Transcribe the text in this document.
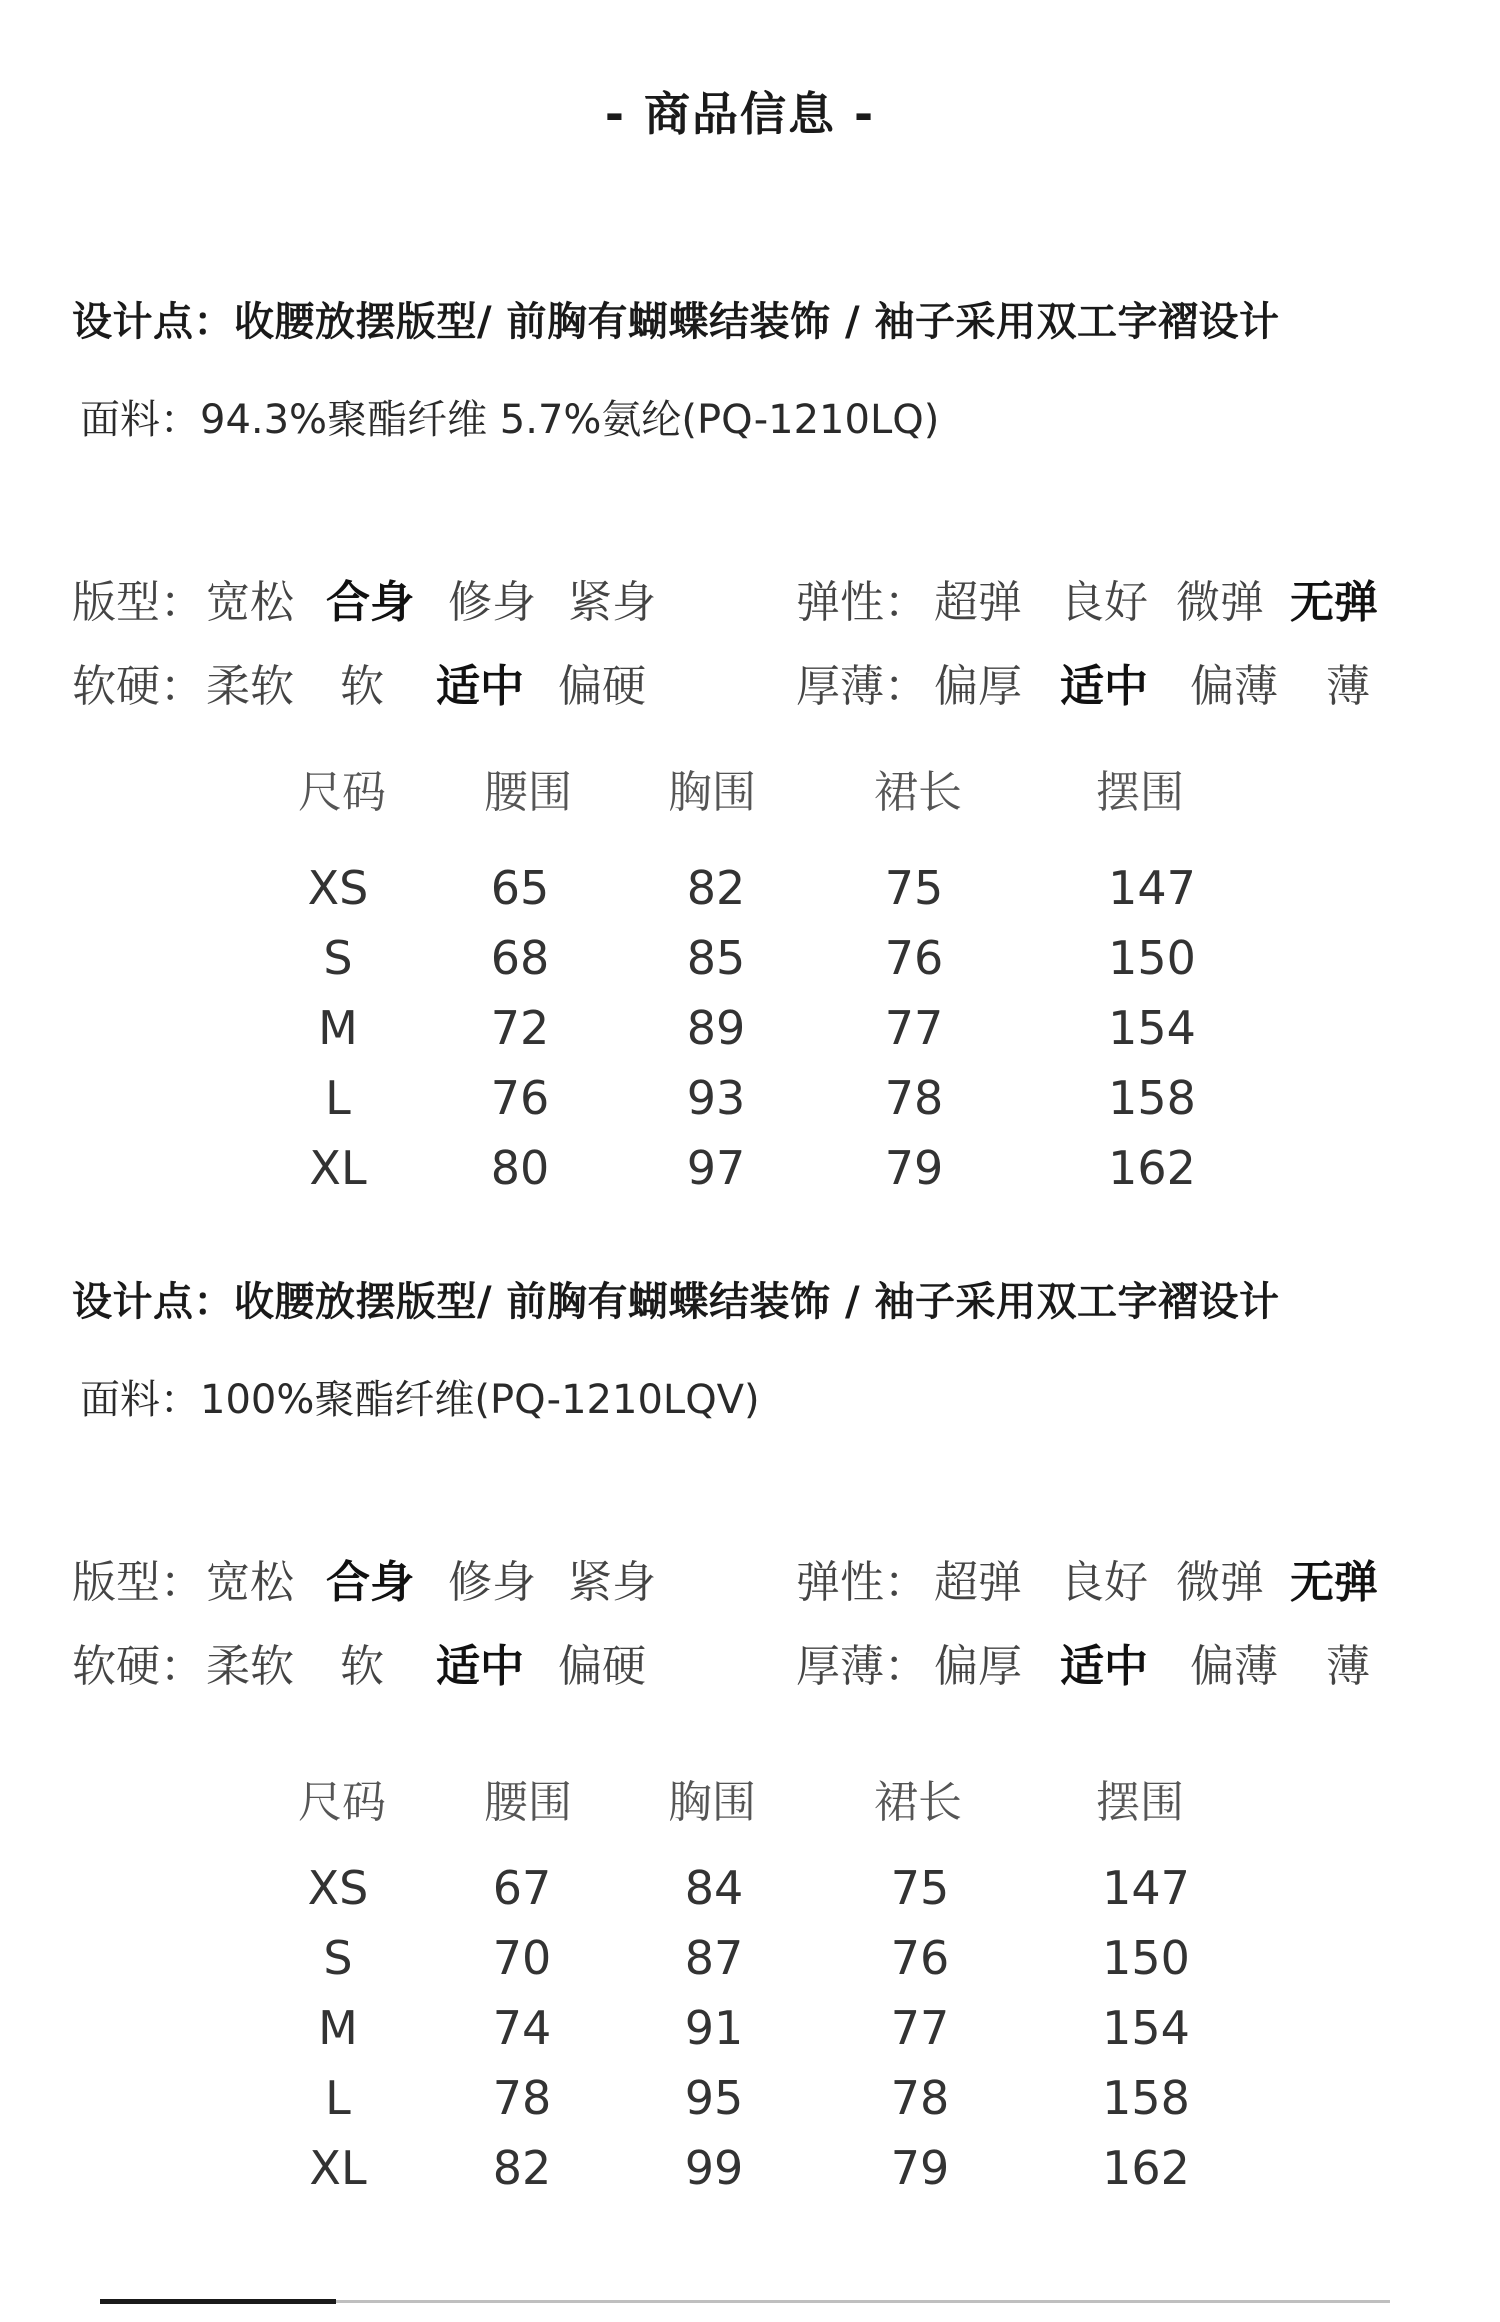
- 商品信息 -
设计点：收腰放摆版型/ 前胸有蝴蝶结装饰 / 袖子采用双工字褶设计
面料：94.3%聚酯纤维 5.7%氨纶(PQ-1210LQ)
版型： 宽松 合身 修身 紧身	弹性： 超弹 良好 微弹 无弹
软硬： 柔软 软 适中 偏硬	厚薄： 偏厚 适中 偏薄 薄
尺码 腰围 胸围	裙长	摆围
XS	65	82	75	147
S	68	85	76	150
M	72	89	77	154
L	76	93	78	158
XL	80	97	79	162
设计点：收腰放摆版型/ 前胸有蝴蝶结装饰 / 袖子采用双工字褶设计
面料：100%聚酯纤维(PQ-1210LQV)
版型： 宽松 合身 修身 紧身	弹性： 超弹 良好 微弹 无弹
软硬： 柔软 软 适中 偏硬	厚薄： 偏厚 适中 偏薄 薄
尺码 腰围 胸围	裙长	摆围
XS	67	84	75	147
S	70	87	76	150
M	74	91	77	154
L	78	95	78	158
XL	82	99	79	162
